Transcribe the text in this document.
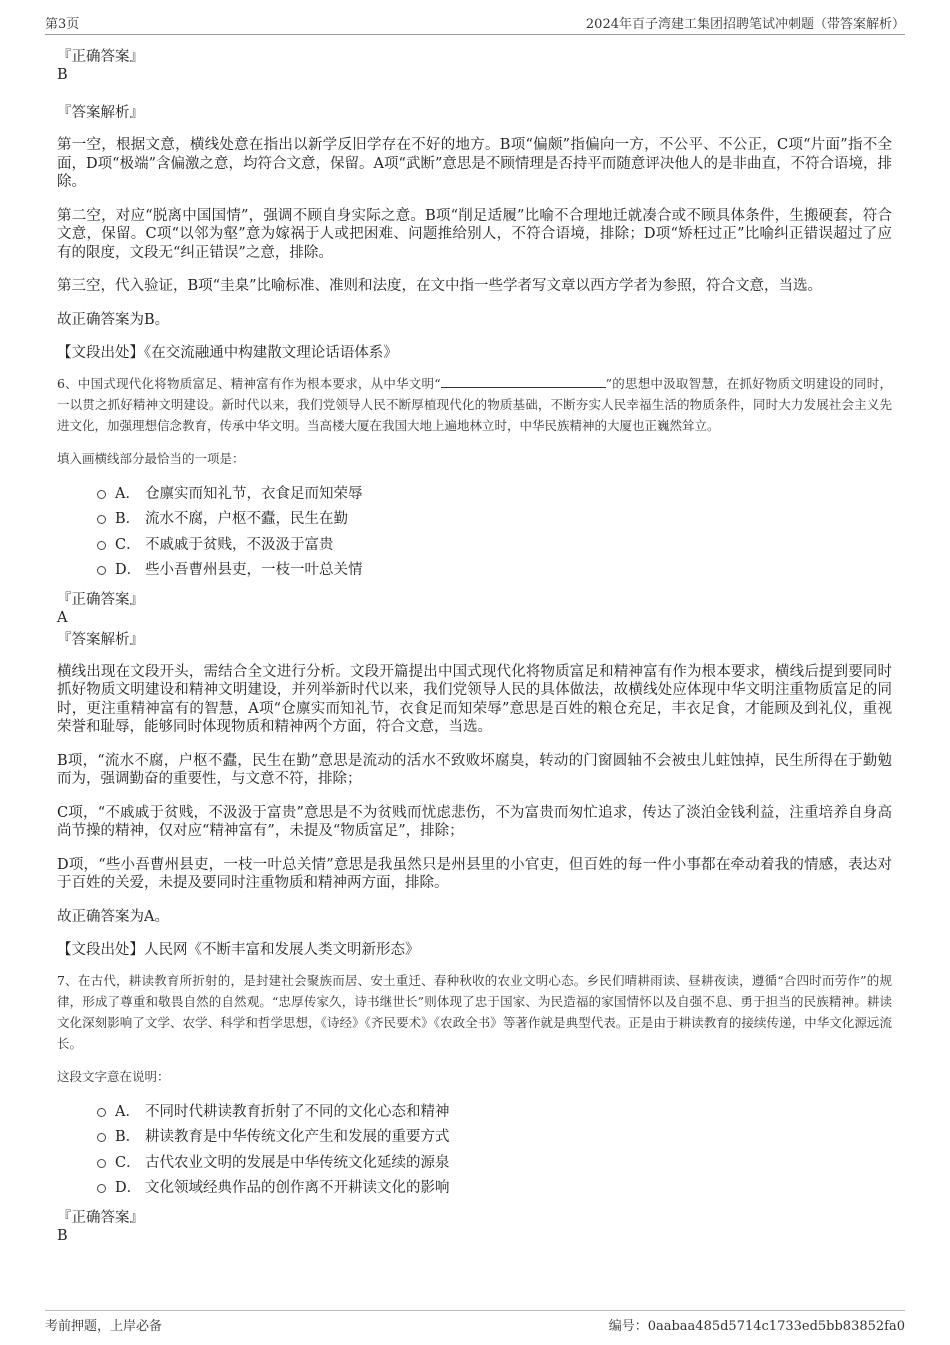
第3页	2024年百子湾建工集团招聘笔试冲刺题（带答案解析）

『正确答案』

B

『答案解析』

第一空，根据文意，横线处意在指出以新学反旧学存在不好的地方。B项“偏颇”指偏向一方，不公平、不公正，C项“片面”指不全面，D项“极端”含偏激之意，均符合文意，保留。A项“武断”意思是不顾情理是否持平而随意评决他人的是非曲直，不符合语境，排除。

第二空，对应“脱离中国国情”，强调不顾自身实际之意。B项“削足适履”比喻不合理地迁就凑合或不顾具体条件，生搬硬套，符合文意，保留。C项“以邻为壑”意为嫁祸于人或把困难、问题推给别人，不符合语境，排除；D项“矫枉过正”比喻纠正错误超过了应有的限度，文段无“纠正错误”之意，排除。

第三空，代入验证，B项“圭臬”比喻标准、准则和法度，在文中指一些学者写文章以西方学者为参照，符合文意，当选。

故正确答案为B。

【文段出处】《在交流融通中构建散文理论话语体系》

6、中国式现代化将物质富足、精神富有作为根本要求，从中华文明“	”的思想中汲取智慧，在抓好物质文明建设的同时，一以贯之抓好精神文明建设。新时代以来，我们党领导人民不断厚植现代化的物质基础，不断夯实人民幸福生活的物质条件，同时大力发展社会主义先进文化，加强理想信念教育，传承中华文明。当高楼大厦在我国大地上遍地林立时，中华民族精神的大厦也正巍然耸立。

填入画横线部分最恰当的一项是：

A． 仓廪实而知礼节，衣食足而知荣辱
B． 流水不腐，户枢不蠹，民生在勤
C． 不戚戚于贫贱，不汲汲于富贵
D． 些小吾曹州县吏，一枝一叶总关情

『正确答案』

A

『答案解析』

横线出现在文段开头，需结合全文进行分析。文段开篇提出中国式现代化将物质富足和精神富有作为根本要求，横线后提到要同时抓好物质文明建设和精神文明建设，并列举新时代以来，我们党领导人民的具体做法，故横线处应体现中华文明注重物质富足的同时，更注重精神富有的智慧，A项“仓廪实而知礼节，衣食足而知荣辱”意思是百姓的粮仓充足，丰衣足食，才能顾及到礼仪，重视荣誉和耻辱，能够同时体现物质和精神两个方面，符合文意，当选。

B项，“流水不腐，户枢不蠹，民生在勤”意思是流动的活水不致败坏腐臭，转动的门窗圆轴不会被虫儿蛀蚀掉，民生所得在于勤勉而为，强调勤奋的重要性，与文意不符，排除；

C项，“不戚戚于贫贱，不汲汲于富贵”意思是不为贫贱而忧虑悲伤，不为富贵而匆忙追求，传达了淡泊金钱利益，注重培养自身高尚节操的精神，仅对应“精神富有”，未提及“物质富足”，排除；

D项，“些小吾曹州县吏，一枝一叶总关情”意思是我虽然只是州县里的小官吏，但百姓的每一件小事都在牵动着我的情感，表达对于百姓的关爱，未提及要同时注重物质和精神两方面，排除。

故正确答案为A。

【文段出处】人民网《不断丰富和发展人类文明新形态》

7、在古代，耕读教育所折射的，是封建社会聚族而居、安土重迁、春种秋收的农业文明心态。乡民们晴耕雨读、昼耕夜读，遵循“合四时而劳作”的规律，形成了尊重和敬畏自然的自然观。“忠厚传家久，诗书继世长”则体现了忠于国家、为民造福的家国情怀以及自强不息、勇于担当的民族精神。耕读文化深刻影响了文学、农学、科学和哲学思想，《诗经》《齐民要术》《农政全书》等著作就是典型代表。正是由于耕读教育的接续传递，中华文化源远流长。

这段文字意在说明：

A． 不同时代耕读教育折射了不同的文化心态和精神
B． 耕读教育是中华传统文化产生和发展的重要方式
C． 古代农业文明的发展是中华传统文化延续的源泉
D． 文化领域经典作品的创作离不开耕读文化的影响

『正确答案』

B

考前押题，上岸必备	编号：0aabaa485d5714c1733ed5bb83852fa0
